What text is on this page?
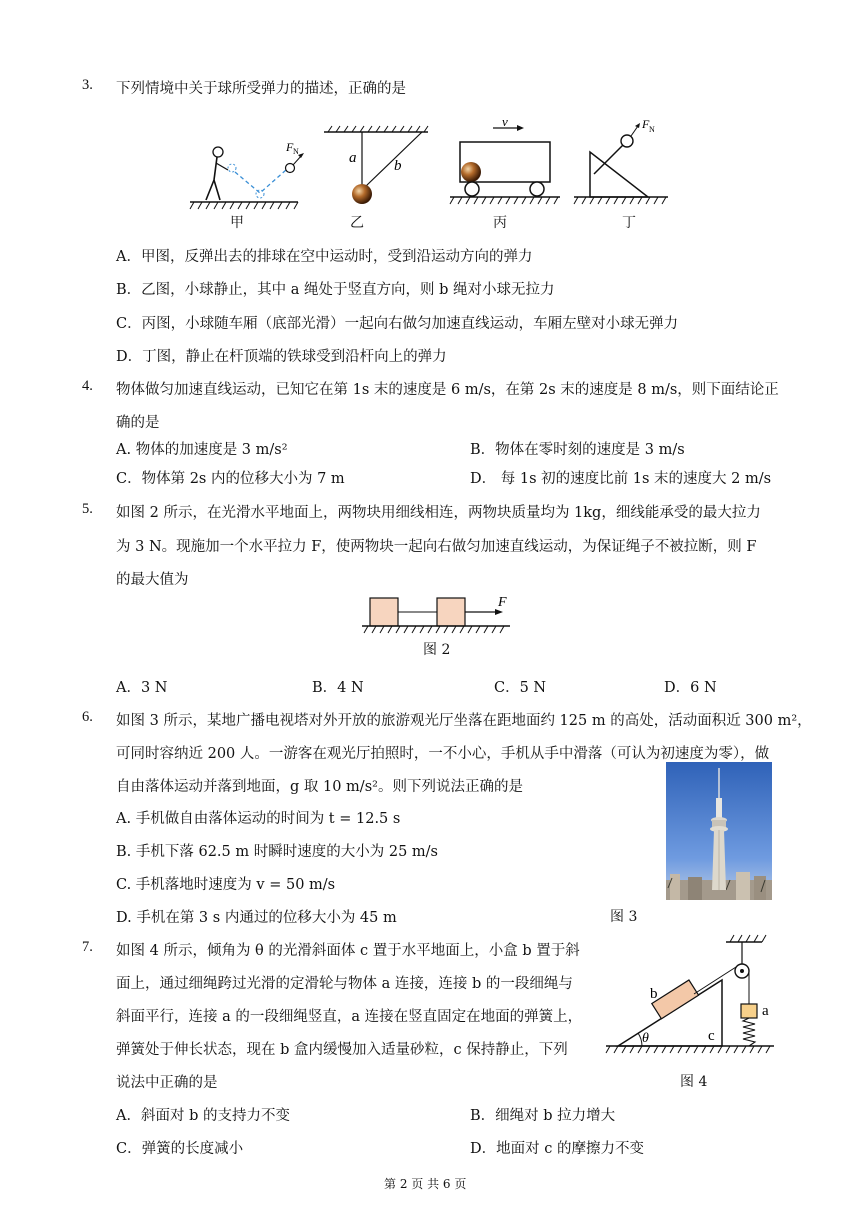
3. 下列情境中关于球所受弹力的描述，正确的是
F N
甲
a	b
乙
v
丙
F N
丁
A．甲图，反弹出去的排球在空中运动时，受到沿运动方向的弹力
B．乙图，小球静止，其中 a 绳处于竖直方向，则 b 绳对小球无拉力
C．丙图，小球随车厢（底部光滑）一起向右做匀加速直线运动，车厢左壁对小球无弹力
D．丁图，静止在杆顶端的铁球受到沿杆向上的弹力
4. 物体做匀加速直线运动，已知它在第 1s 末的速度是 6 m/s，在第 2s 末的速度是 8 m/s，则下面结论正
确的是
A. 物体的加速度是 3 m/s²	B．物体在零时刻的速度是 3 m/s
C．物体第 2s 内的位移大小为 7 m	D． 每 1s 初的速度比前 1s 末的速度大 2 m/s
5. 如图 2 所示，在光滑水平地面上，两物块用细线相连，两物块质量均为 1kg，细线能承受的最大拉力
为 3 N。现施加一个水平拉力 F，使两物块一起向右做匀加速直线运动，为保证绳子不被拉断，则 F
的最大值为
F
图 2
A．3 N	B．4 N	C．5 N	D．6 N
6. 如图 3 所示，某地广播电视塔对外开放的旅游观光厅坐落在距地面约 125 m 的高处，活动面积近 300 m²，
可同时容纳近 200 人。一游客在观光厅拍照时，一不小心，手机从手中滑落（可认为初速度为零），做
自由落体运动并落到地面，g 取 10 m/s²。则下列说法正确的是
A. 手机做自由落体运动的时间为 t = 12.5 s
B. 手机下落 62.5 m 时瞬时速度的大小为 25 m/s
C. 手机落地时速度为 v = 50 m/s
D. 手机在第 3 s 内通过的位移大小为 45 m	图 3
7. 如图 4 所示，倾角为 θ 的光滑斜面体 c 置于水平地面上，小盒 b 置于斜
面上，通过细绳跨过光滑的定滑轮与物体 a 连接，连接 b 的一段细绳与
斜面平行，连接 a 的一段细绳竖直，a 连接在竖直固定在地面的弹簧上，
弹簧处于伸长状态，现在 b 盒内缓慢加入适量砂粒，c 保持静止，下列
说法中正确的是
θ
b
c
a
图 4
A．斜面对 b 的支持力不变	B．细绳对 b 拉力增大
C．弹簧的长度减小	D．地面对 c 的摩擦力不变
第 2 页 共 6 页
